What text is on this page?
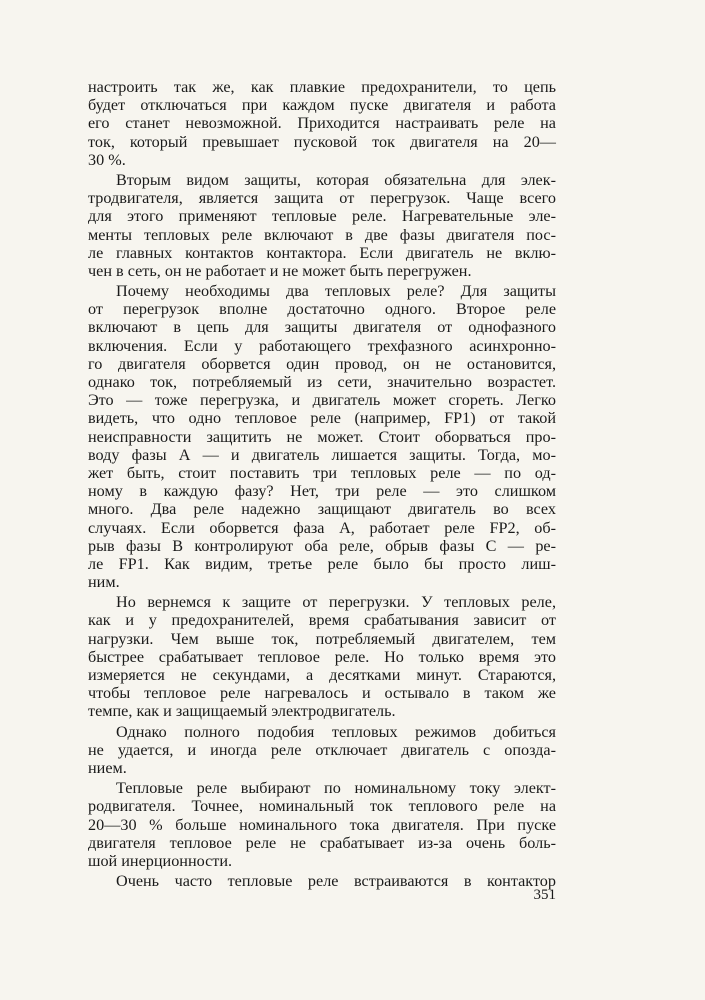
настроить так же, как плавкие предохранители, то цепь
будет отключаться при каждом пуске двигателя и работа
его станет невозможной. Приходится настраивать реле на
ток, который превышает пусковой ток двигателя на 20—
30 %.

Вторым видом защиты, которая обязательна для элек-
тродвигателя, является защита от перегрузок. Чаще всего
для этого применяют тепловые реле. Нагревательные эле-
менты тепловых реле включают в две фазы двигателя пос-
ле главных контактов контактора. Если двигатель не вклю-
чен в сеть, он не работает и не может быть перегружен.

Почему необходимы два тепловых реле? Для защиты
от перегрузок вполне достаточно одного. Второе реле
включают в цепь для защиты двигателя от однофазного
включения. Если у работающего трехфазного асинхронно-
го двигателя оборвется один провод, он не остановится,
однако ток, потребляемый из сети, значительно возрастет.
Это — тоже перегрузка, и двигатель может сгореть. Легко
видеть, что одно тепловое реле (например, FP1) от такой
неисправности защитить не может. Стоит оборваться про-
воду фазы А — и двигатель лишается защиты. Тогда, мо-
жет быть, стоит поставить три тепловых реле — по од-
ному в каждую фазу? Нет, три реле — это слишком
много. Два реле надежно защищают двигатель во всех
случаях. Если оборвется фаза А, работает реле FP2, об-
рыв фазы В контролируют оба реле, обрыв фазы С — ре-
ле FP1. Как видим, третье реле было бы просто лиш-
ним.

Но вернемся к защите от перегрузки. У тепловых реле,
как и у предохранителей, время срабатывания зависит от
нагрузки. Чем выше ток, потребляемый двигателем, тем
быстрее срабатывает тепловое реле. Но только время это
измеряется не секундами, а десятками минут. Стараются,
чтобы тепловое реле нагревалось и остывало в таком же
темпе, как и защищаемый электродвигатель.

Однако полного подобия тепловых режимов добиться
не удается, и иногда реле отключает двигатель с опозда-
нием.

Тепловые реле выбирают по номинальному току элект-
родвигателя. Точнее, номинальный ток теплового реле на
20—30 % больше номинального тока двигателя. При пуске
двигателя тепловое реле не срабатывает из-за очень боль-
шой инерционности.

Очень часто тепловые реле встраиваются в контактор

351
